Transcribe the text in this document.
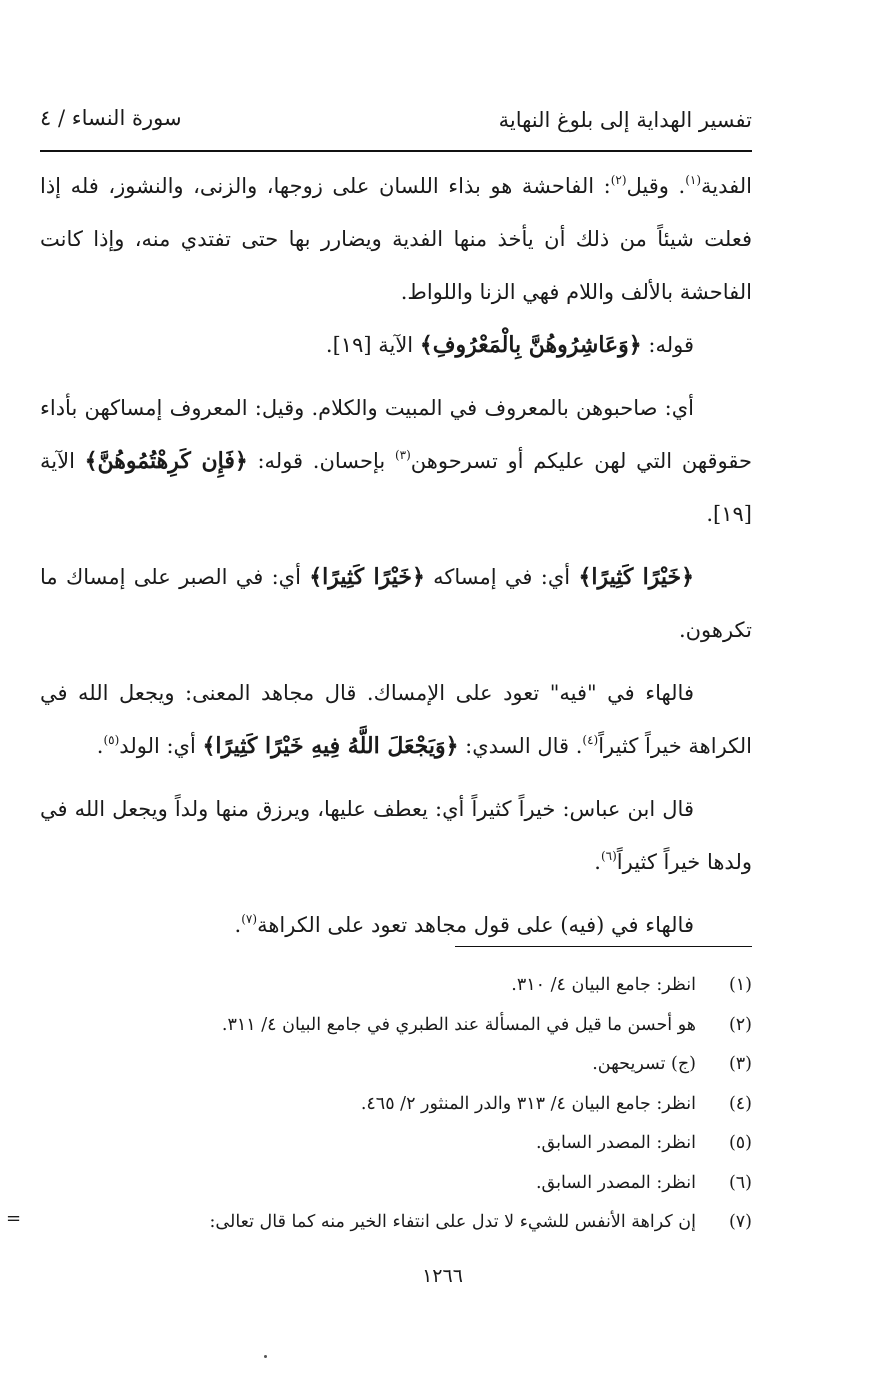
تفسير الهداية إلى بلوغ النهاية
سورة النساء / ٤

الفدية$^{(١)}$. وقيل$^{(٢)}$: الفاحشة هو بذاء اللسان على زوجها، والزنى، والنشوز، فله إذا فعلت شيئاً من ذلك أن يأخذ منها الفدية ويضارر بها حتى تفتدي منه، وإذا كانت الفاحشة بالألف واللام فهي الزنا واللواط.

قوله: ﴿وَعَاشِرُوهُنَّ بِالْمَعْرُوفِ﴾ الآية [١٩].

أي: صاحبوهن بالمعروف في المبيت والكلام. وقيل: المعروف إمساكهن بأداء حقوقهن التي لهن عليكم أو تسرحوهن$^{(٣)}$ بإحسان. قوله: ﴿فَإِن كَرِهْتُمُوهُنَّ﴾ الآية [١٩].

﴿خَيْرًا كَثِيرًا﴾ أي: في إمساكه ﴿خَيْرًا كَثِيرًا﴾ أي: في الصبر على إمساك ما تكرهون.

فالهاء في "فيه" تعود على الإمساك. قال مجاهد المعنى: ويجعل الله في الكراهة خيراً كثيراً$^{(٤)}$. قال السدي: ﴿وَيَجْعَلَ اللَّهُ فِيهِ خَيْرًا كَثِيرًا﴾ أي: الولد$^{(٥)}$.

قال ابن عباس: خيراً كثيراً أي: يعطف عليها، ويرزق منها ولداً ويجعل الله في ولدها خيراً كثيراً$^{(٦)}$.

فالهاء في (فيه) على قول مجاهد تعود على الكراهة$^{(٧)}$.

(١)
انظر: جامع البيان ٤/ ٣١٠.
(٢)
هو أحسن ما قيل في المسألة عند الطبري في جامع البيان ٤/ ٣١١.
(٣)
(ج) تسريحهن.
(٤)
انظر: جامع البيان ٤/ ٣١٣ والدر المنثور ٢/ ٤٦٥.
(٥)
انظر: المصدر السابق.
(٦)
انظر: المصدر السابق.
(٧)
إن كراهة الأنفس للشيء لا تدل على انتفاء الخير منه كما قال تعالى:
=
١٢٦٦
